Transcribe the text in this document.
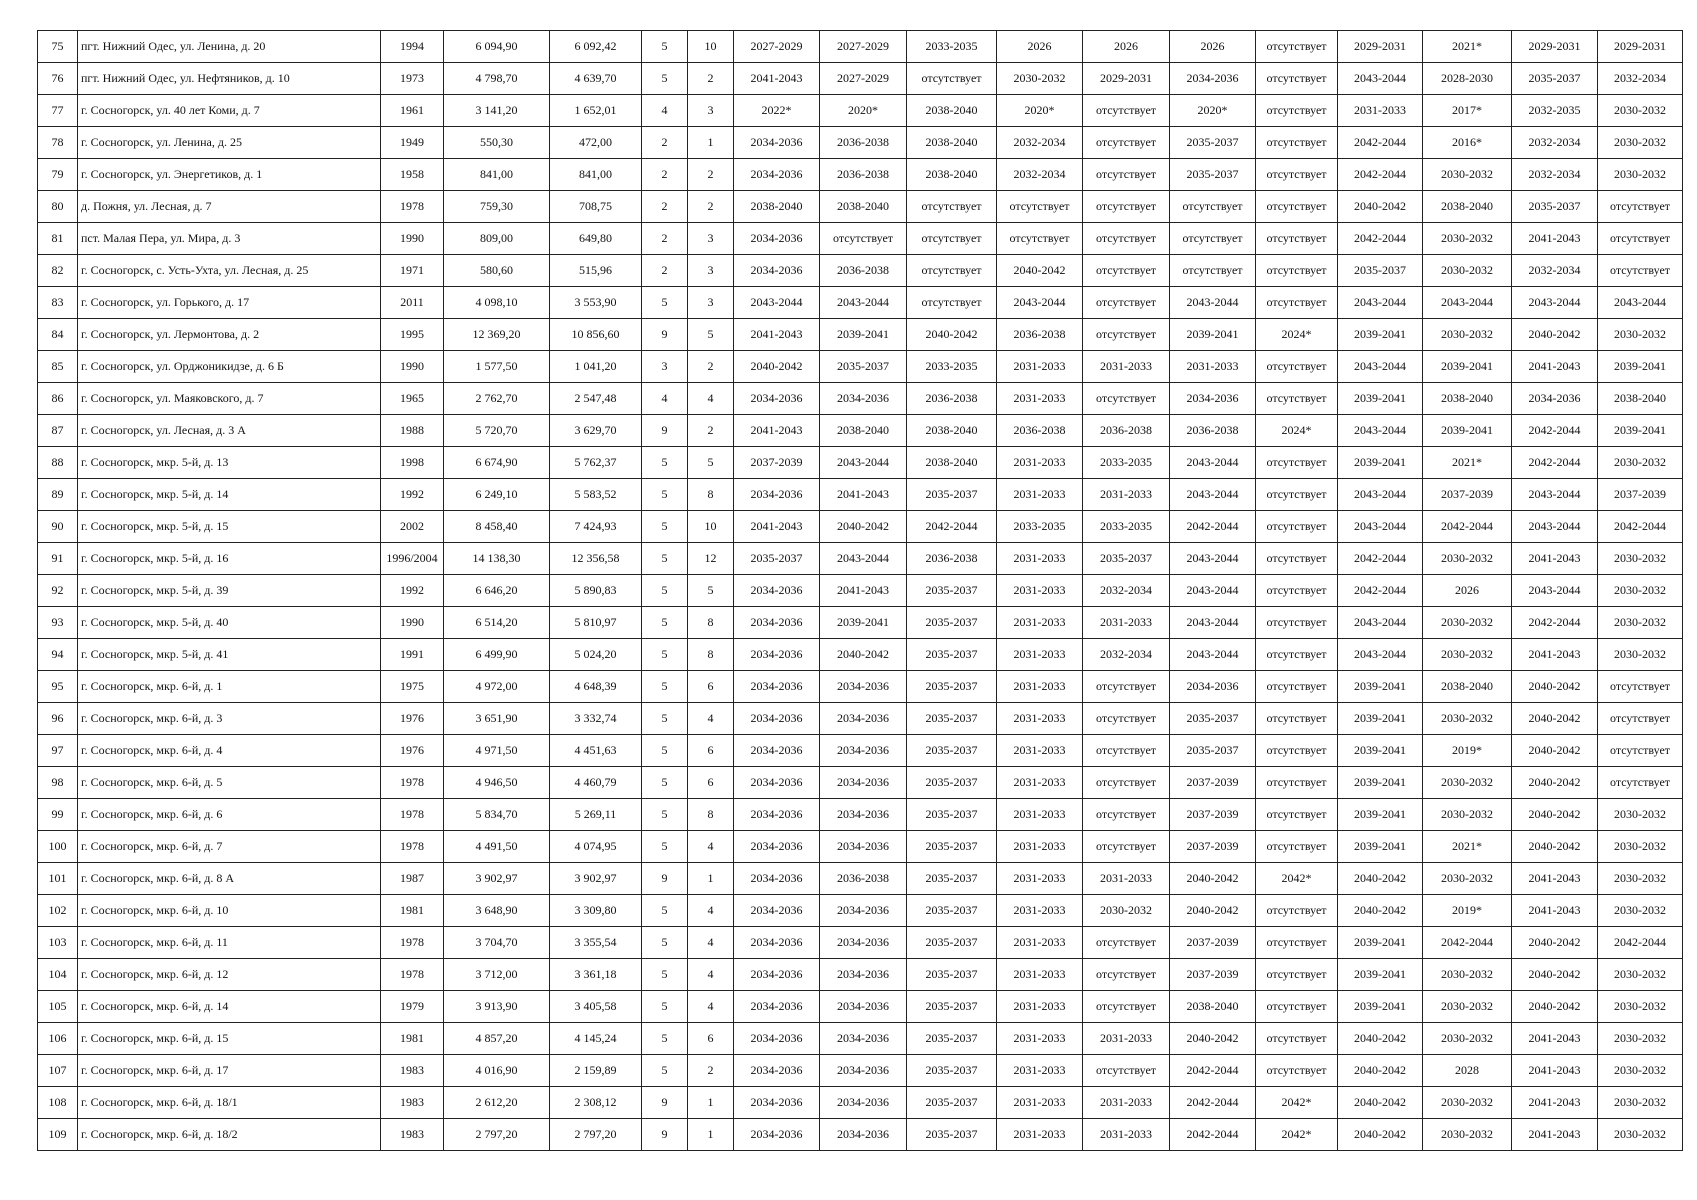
75	пгт. Нижний Одес, ул. Ленина, д. 20	1994	6 094,90	6 092,42	5	10	2027-2029	2027-2029	2033-2035	2026	2026	2026	отсутствует	2029-2031	2021*	2029-2031	2029-2031
76	пгт. Нижний Одес, ул. Нефтяников, д. 10	1973	4 798,70	4 639,70	5	2	2041-2043	2027-2029	отсутствует	2030-2032	2029-2031	2034-2036	отсутствует	2043-2044	2028-2030	2035-2037	2032-2034
77	г. Сосногорск, ул. 40 лет Коми, д. 7	1961	3 141,20	1 652,01	4	3	2022*	2020*	2038-2040	2020*	отсутствует	2020*	отсутствует	2031-2033	2017*	2032-2035	2030-2032
78	г. Сосногорск, ул. Ленина, д. 25	1949	550,30	472,00	2	1	2034-2036	2036-2038	2038-2040	2032-2034	отсутствует	2035-2037	отсутствует	2042-2044	2016*	2032-2034	2030-2032
79	г. Сосногорск, ул. Энергетиков, д. 1	1958	841,00	841,00	2	2	2034-2036	2036-2038	2038-2040	2032-2034	отсутствует	2035-2037	отсутствует	2042-2044	2030-2032	2032-2034	2030-2032
80	д. Пожня, ул. Лесная, д. 7	1978	759,30	708,75	2	2	2038-2040	2038-2040	отсутствует	отсутствует	отсутствует	отсутствует	отсутствует	2040-2042	2038-2040	2035-2037	отсутствует
81	пст. Малая Пера, ул. Мира, д. 3	1990	809,00	649,80	2	3	2034-2036	отсутствует	отсутствует	отсутствует	отсутствует	отсутствует	отсутствует	2042-2044	2030-2032	2041-2043	отсутствует
82	г. Сосногорск, с. Усть-Ухта, ул. Лесная, д. 25	1971	580,60	515,96	2	3	2034-2036	2036-2038	отсутствует	2040-2042	отсутствует	отсутствует	отсутствует	2035-2037	2030-2032	2032-2034	отсутствует
83	г. Сосногорск, ул. Горького, д. 17	2011	4 098,10	3 553,90	5	3	2043-2044	2043-2044	отсутствует	2043-2044	отсутствует	2043-2044	отсутствует	2043-2044	2043-2044	2043-2044	2043-2044
84	г. Сосногорск, ул. Лермонтова, д. 2	1995	12 369,20	10 856,60	9	5	2041-2043	2039-2041	2040-2042	2036-2038	отсутствует	2039-2041	2024*	2039-2041	2030-2032	2040-2042	2030-2032
85	г. Сосногорск, ул. Орджоникидзе, д. 6 Б	1990	1 577,50	1 041,20	3	2	2040-2042	2035-2037	2033-2035	2031-2033	2031-2033	2031-2033	отсутствует	2043-2044	2039-2041	2041-2043	2039-2041
86	г. Сосногорск, ул. Маяковского, д. 7	1965	2 762,70	2 547,48	4	4	2034-2036	2034-2036	2036-2038	2031-2033	отсутствует	2034-2036	отсутствует	2039-2041	2038-2040	2034-2036	2038-2040
87	г. Сосногорск, ул. Лесная, д. 3 А	1988	5 720,70	3 629,70	9	2	2041-2043	2038-2040	2038-2040	2036-2038	2036-2038	2036-2038	2024*	2043-2044	2039-2041	2042-2044	2039-2041
88	г. Сосногорск, мкр. 5-й, д. 13	1998	6 674,90	5 762,37	5	5	2037-2039	2043-2044	2038-2040	2031-2033	2033-2035	2043-2044	отсутствует	2039-2041	2021*	2042-2044	2030-2032
89	г. Сосногорск, мкр. 5-й, д. 14	1992	6 249,10	5 583,52	5	8	2034-2036	2041-2043	2035-2037	2031-2033	2031-2033	2043-2044	отсутствует	2043-2044	2037-2039	2043-2044	2037-2039
90	г. Сосногорск, мкр. 5-й, д. 15	2002	8 458,40	7 424,93	5	10	2041-2043	2040-2042	2042-2044	2033-2035	2033-2035	2042-2044	отсутствует	2043-2044	2042-2044	2043-2044	2042-2044
91	г. Сосногорск, мкр. 5-й, д. 16	1996/2004	14 138,30	12 356,58	5	12	2035-2037	2043-2044	2036-2038	2031-2033	2035-2037	2043-2044	отсутствует	2042-2044	2030-2032	2041-2043	2030-2032
92	г. Сосногорск, мкр. 5-й, д. 39	1992	6 646,20	5 890,83	5	5	2034-2036	2041-2043	2035-2037	2031-2033	2032-2034	2043-2044	отсутствует	2042-2044	2026	2043-2044	2030-2032
93	г. Сосногорск, мкр. 5-й, д. 40	1990	6 514,20	5 810,97	5	8	2034-2036	2039-2041	2035-2037	2031-2033	2031-2033	2043-2044	отсутствует	2043-2044	2030-2032	2042-2044	2030-2032
94	г. Сосногорск, мкр. 5-й, д. 41	1991	6 499,90	5 024,20	5	8	2034-2036	2040-2042	2035-2037	2031-2033	2032-2034	2043-2044	отсутствует	2043-2044	2030-2032	2041-2043	2030-2032
95	г. Сосногорск, мкр. 6-й, д. 1	1975	4 972,00	4 648,39	5	6	2034-2036	2034-2036	2035-2037	2031-2033	отсутствует	2034-2036	отсутствует	2039-2041	2038-2040	2040-2042	отсутствует
96	г. Сосногорск, мкр. 6-й, д. 3	1976	3 651,90	3 332,74	5	4	2034-2036	2034-2036	2035-2037	2031-2033	отсутствует	2035-2037	отсутствует	2039-2041	2030-2032	2040-2042	отсутствует
97	г. Сосногорск, мкр. 6-й, д. 4	1976	4 971,50	4 451,63	5	6	2034-2036	2034-2036	2035-2037	2031-2033	отсутствует	2035-2037	отсутствует	2039-2041	2019*	2040-2042	отсутствует
98	г. Сосногорск, мкр. 6-й, д. 5	1978	4 946,50	4 460,79	5	6	2034-2036	2034-2036	2035-2037	2031-2033	отсутствует	2037-2039	отсутствует	2039-2041	2030-2032	2040-2042	отсутствует
99	г. Сосногорск, мкр. 6-й, д. 6	1978	5 834,70	5 269,11	5	8	2034-2036	2034-2036	2035-2037	2031-2033	отсутствует	2037-2039	отсутствует	2039-2041	2030-2032	2040-2042	2030-2032
100	г. Сосногорск, мкр. 6-й, д. 7	1978	4 491,50	4 074,95	5	4	2034-2036	2034-2036	2035-2037	2031-2033	отсутствует	2037-2039	отсутствует	2039-2041	2021*	2040-2042	2030-2032
101	г. Сосногорск, мкр. 6-й, д. 8 А	1987	3 902,97	3 902,97	9	1	2034-2036	2036-2038	2035-2037	2031-2033	2031-2033	2040-2042	2042*	2040-2042	2030-2032	2041-2043	2030-2032
102	г. Сосногорск, мкр. 6-й, д. 10	1981	3 648,90	3 309,80	5	4	2034-2036	2034-2036	2035-2037	2031-2033	2030-2032	2040-2042	отсутствует	2040-2042	2019*	2041-2043	2030-2032
103	г. Сосногорск, мкр. 6-й, д. 11	1978	3 704,70	3 355,54	5	4	2034-2036	2034-2036	2035-2037	2031-2033	отсутствует	2037-2039	отсутствует	2039-2041	2042-2044	2040-2042	2042-2044
104	г. Сосногорск, мкр. 6-й, д. 12	1978	3 712,00	3 361,18	5	4	2034-2036	2034-2036	2035-2037	2031-2033	отсутствует	2037-2039	отсутствует	2039-2041	2030-2032	2040-2042	2030-2032
105	г. Сосногорск, мкр. 6-й, д. 14	1979	3 913,90	3 405,58	5	4	2034-2036	2034-2036	2035-2037	2031-2033	отсутствует	2038-2040	отсутствует	2039-2041	2030-2032	2040-2042	2030-2032
106	г. Сосногорск, мкр. 6-й, д. 15	1981	4 857,20	4 145,24	5	6	2034-2036	2034-2036	2035-2037	2031-2033	2031-2033	2040-2042	отсутствует	2040-2042	2030-2032	2041-2043	2030-2032
107	г. Сосногорск, мкр. 6-й, д. 17	1983	4 016,90	2 159,89	5	2	2034-2036	2034-2036	2035-2037	2031-2033	отсутствует	2042-2044	отсутствует	2040-2042	2028	2041-2043	2030-2032
108	г. Сосногорск, мкр. 6-й, д. 18/1	1983	2 612,20	2 308,12	9	1	2034-2036	2034-2036	2035-2037	2031-2033	2031-2033	2042-2044	2042*	2040-2042	2030-2032	2041-2043	2030-2032
109	г. Сосногорск, мкр. 6-й, д. 18/2	1983	2 797,20	2 797,20	9	1	2034-2036	2034-2036	2035-2037	2031-2033	2031-2033	2042-2044	2042*	2040-2042	2030-2032	2041-2043	2030-2032
